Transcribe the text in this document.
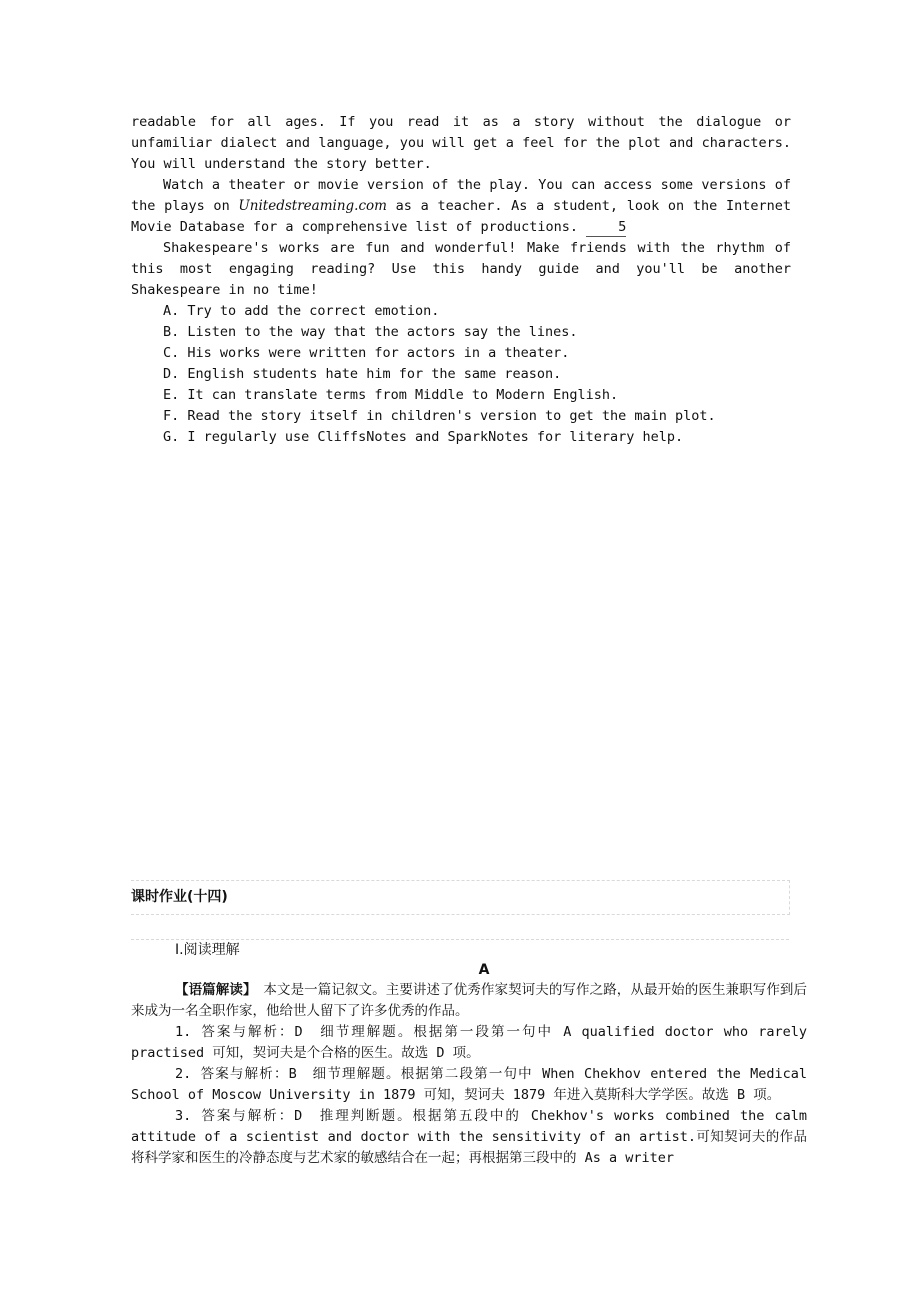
readable for all ages. If you read it as a story without the dialogue or unfamiliar dialect and language, you will get a feel for the plot and characters. You will understand the story better.

Watch a theater or movie version of the play. You can access some versions of the plays on Unitedstreaming.com as a teacher. As a student, look on the Internet Movie Database for a comprehensive list of productions. 5

Shakespeare's works are fun and wonderful! Make friends with the rhythm of this most engaging reading? Use this handy guide and you'll be another Shakespeare in no time!

A. Try to add the correct emotion.
B. Listen to the way that the actors say the lines.
C. His works were written for actors in a theater.
D. English students hate him for the same reason.
E. It can translate terms from Middle to Modern English.
F. Read the story itself in children's version to get the main plot.
G. I regularly use CliffsNotes and SparkNotes for literary help.
课时作业(十四)
Ⅰ.阅读理解
A

【语篇解读】　本文是一篇记叙文。主要讲述了优秀作家契诃夫的写作之路，从最开始的医生兼职写作到后来成为一名全职作家，他给世人留下了许多优秀的作品。

1. 答案与解析：D　细节理解题。根据第一段第一句中 A qualified doctor who rarely practised 可知，契诃夫是个合格的医生。故选 D 项。

2. 答案与解析：B　细节理解题。根据第二段第一句中 When Chekhov entered the Medical School of Moscow University in 1879 可知，契诃夫 1879 年进入莫斯科大学学医。故选 B 项。

3. 答案与解析：D　推理判断题。根据第五段中的 Chekhov's works combined the calm attitude of a scientist and doctor with the sensitivity of an artist.可知契诃夫的作品将科学家和医生的冷静态度与艺术家的敏感结合在一起；再根据第三段中的 As a writer
